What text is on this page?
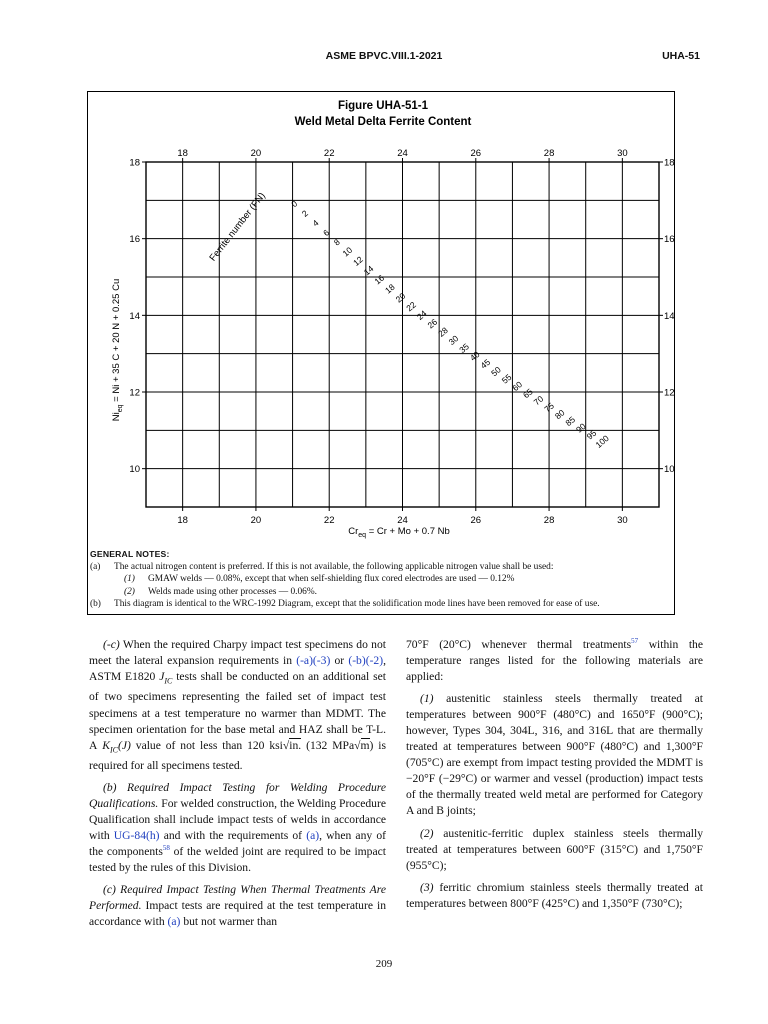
ASME BPVC.VIII.1-2021	UHA-51
Figure UHA-51-1
Weld Metal Delta Ferrite Content
18
18
20
20
22
22
24
24
26
26
28
28
30
30
10	10
12	12
14	14
16	16
18	18
0
2
4
6
8
10
12
14
16
18
20
22
24
26
28
30
35
40
45
50
55
60
65
70
75
80
85
90
95
100
Ferrite number (FN)
$Cr_{eq} = Cr + Mo + 0.7$ Nb
$Ni_{eq} = Ni + 35$ C + 20 N + 0.25 Cu
GENERAL NOTES:
(a)	The actual nitrogen content is preferred. If this is not available, the following applicable nitrogen value shall be used:
(1)	GMAW welds — 0.08%, except that when self-shielding flux cored electrodes are used — 0.12%
(2)	Welds made using other processes — 0.06%.
(b)	This diagram is identical to the WRC-1992 Diagram, except that the solidification mode lines have been removed for ease of use.

(-c) When the required Charpy impact test specimens do not meet the lateral expansion requirements in (-a)(-3) or (-b)(-2), ASTM E1820 $J_{IC}$ tests shall be conducted on an additional set of two specimens representing the failed set of impact test specimens at a test temperature no warmer than MDMT. The specimen orientation for the base metal and HAZ shall be T-L. A $K_{IC}(J)$ value of not less than 120 ksi√in. (132 MPa√m) is required for all specimens tested.

(b) Required Impact Testing for Welding Procedure Qualifications. For welded construction, the Welding Procedure Qualification shall include impact tests of welds in accordance with UG-84(h) and with the requirements of (a), when any of the components$^{58}$ of the welded joint are required to be impact tested by the rules of this Division.

(c) Required Impact Testing When Thermal Treatments Are Performed. Impact tests are required at the test temperature in accordance with (a) but not warmer than

70°F (20°C) whenever thermal treatments$^{57}$ within the temperature ranges listed for the following materials are applied:

(1) austenitic stainless steels thermally treated at temperatures between 900°F (480°C) and 1650°F (900°C); however, Types 304, 304L, 316, and 316L that are thermally treated at temperatures between 900°F (480°C) and 1,300°F (705°C) are exempt from impact testing provided the MDMT is −20°F (−29°C) or warmer and vessel (production) impact tests of the thermally treated weld metal are performed for Category A and B joints;

(2) austenitic-ferritic duplex stainless steels thermally treated at temperatures between 600°F (315°C) and 1,750°F (955°C);

(3) ferritic chromium stainless steels thermally treated at temperatures between 800°F (425°C) and 1,350°F (730°C);

209
